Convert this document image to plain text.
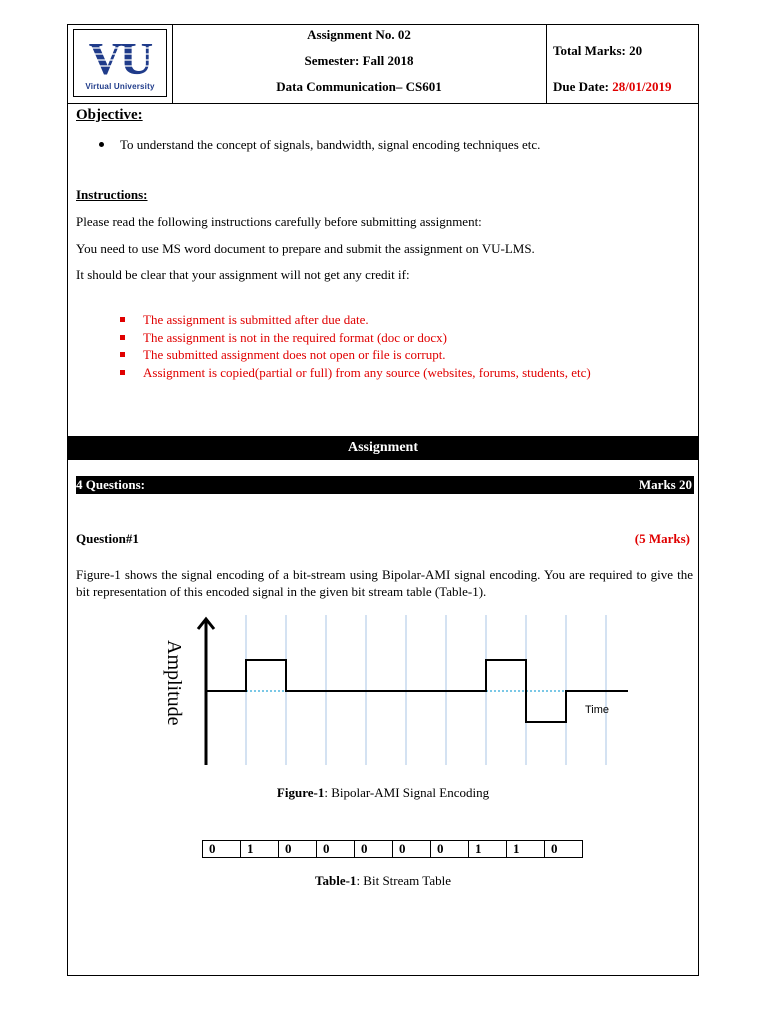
VU
Virtual University
Assignment No. 02
Semester: Fall 2018
Data Communication– CS601
Total Marks: 20
Due Date: 28/01/2019
Objective:
To understand the concept of signals, bandwidth, signal encoding techniques etc.
Instructions:
Please read the following instructions carefully before submitting assignment:
You need to use MS word document to prepare and submit the assignment on VU-LMS.
It should be clear that your assignment will not get any credit if:
The assignment is submitted after due date.
The assignment is not in the required format (doc or docx)
The submitted assignment does not open or file is corrupt.
Assignment is copied(partial or full) from any source (websites, forums, students, etc)
Assignment
4 Questions:	Marks 20
Question#1	(5 Marks)
Figure-1 shows the signal encoding of a bit-stream using Bipolar-AMI signal encoding. You are required to give the bit representation of this encoded signal in the given bit stream table (Table-1).
Amplitude	Time
Figure-1: Bipolar-AMI Signal Encoding
0	1	0	0	0	0	0	1	1	0
Table-1: Bit Stream Table
